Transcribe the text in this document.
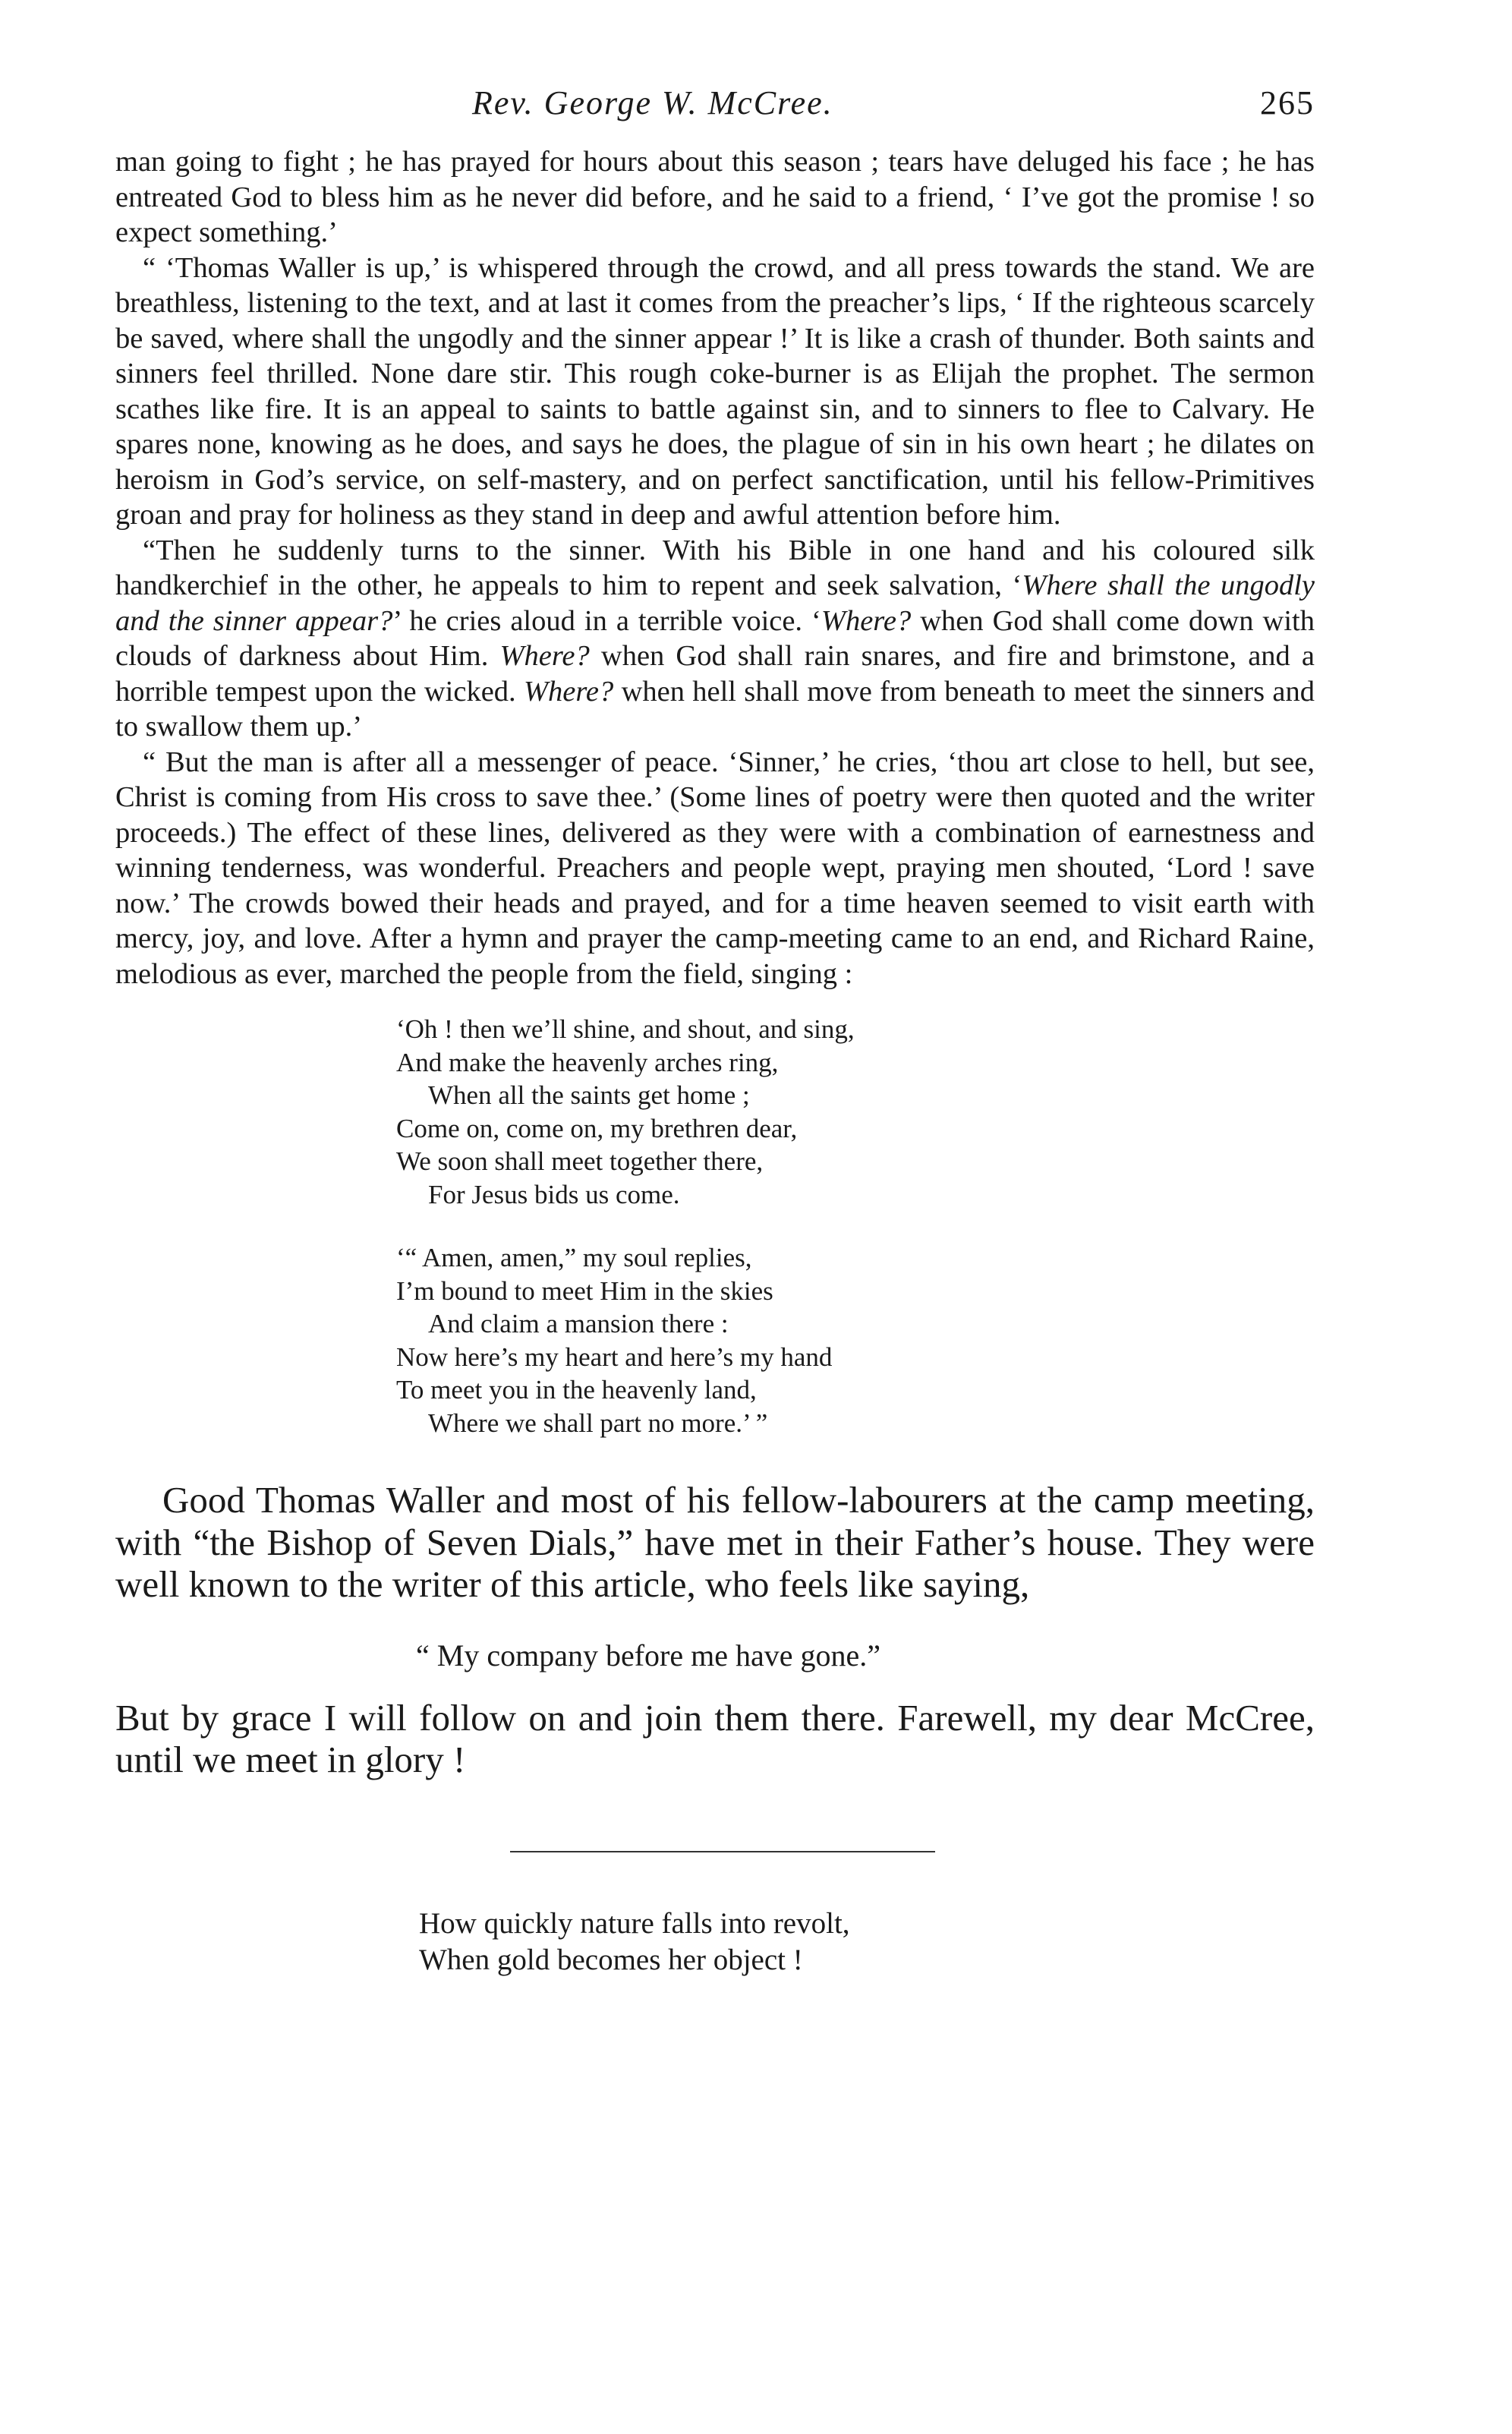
Rev. George W. McCree.	265

man going to fight ; he has prayed for hours about this season ; tears have deluged his face ; he has entreated God to bless him as he never did before, and he said to a friend, ‘ I’ve got the promise ! so expect something.’

“ ‘Thomas Waller is up,’ is whispered through the crowd, and all press towards the stand. We are breathless, listening to the text, and at last it comes from the preacher’s lips, ‘ If the righteous scarcely be saved, where shall the ungodly and the sinner appear !’ It is like a crash of thunder. Both saints and sinners feel thrilled. None dare stir. This rough coke-burner is as Elijah the prophet. The sermon scathes like fire. It is an appeal to saints to battle against sin, and to sinners to flee to Calvary. He spares none, knowing as he does, and says he does, the plague of sin in his own heart ; he dilates on heroism in God’s service, on self-mastery, and on perfect sanctification, until his fellow-Primitives groan and pray for holiness as they stand in deep and awful attention before him.

“Then he suddenly turns to the sinner. With his Bible in one hand and his coloured silk handkerchief in the other, he appeals to him to repent and seek salvation, ‘Where shall the ungodly and the sinner appear?’ he cries aloud in a terrible voice. ‘Where? when God shall come down with clouds of darkness about Him. Where? when God shall rain snares, and fire and brimstone, and a horrible tempest upon the wicked. Where? when hell shall move from beneath to meet the sinners and to swallow them up.’

“ But the man is after all a messenger of peace. ‘Sinner,’ he cries, ‘thou art close to hell, but see, Christ is coming from His cross to save thee.’ (Some lines of poetry were then quoted and the writer proceeds.) The effect of these lines, delivered as they were with a combination of earnestness and winning tenderness, was wonderful. Preachers and people wept, praying men shouted, ‘Lord ! save now.’ The crowds bowed their heads and prayed, and for a time heaven seemed to visit earth with mercy, joy, and love. After a hymn and prayer the camp-meeting came to an end, and Richard Raine, melodious as ever, marched the people from the field, singing :

‘Oh ! then we’ll shine, and shout, and sing,
And make the heavenly arches ring,
When all the saints get home ;
Come on, come on, my brethren dear,
We soon shall meet together there,
For Jesus bids us come.
‘“ Amen, amen,” my soul replies,
I’m bound to meet Him in the skies
And claim a mansion there :
Now here’s my heart and here’s my hand
To meet you in the heavenly land,
Where we shall part no more.’ ”

Good Thomas Waller and most of his fellow-labourers at the camp meeting, with “the Bishop of Seven Dials,” have met in their Father’s house. They were well known to the writer of this article, who feels like saying,

“ My company before me have gone.”

But by grace I will follow on and join them there. Farewell, my dear McCree, until we meet in glory !

How quickly nature falls into revolt,
When gold becomes her object !
